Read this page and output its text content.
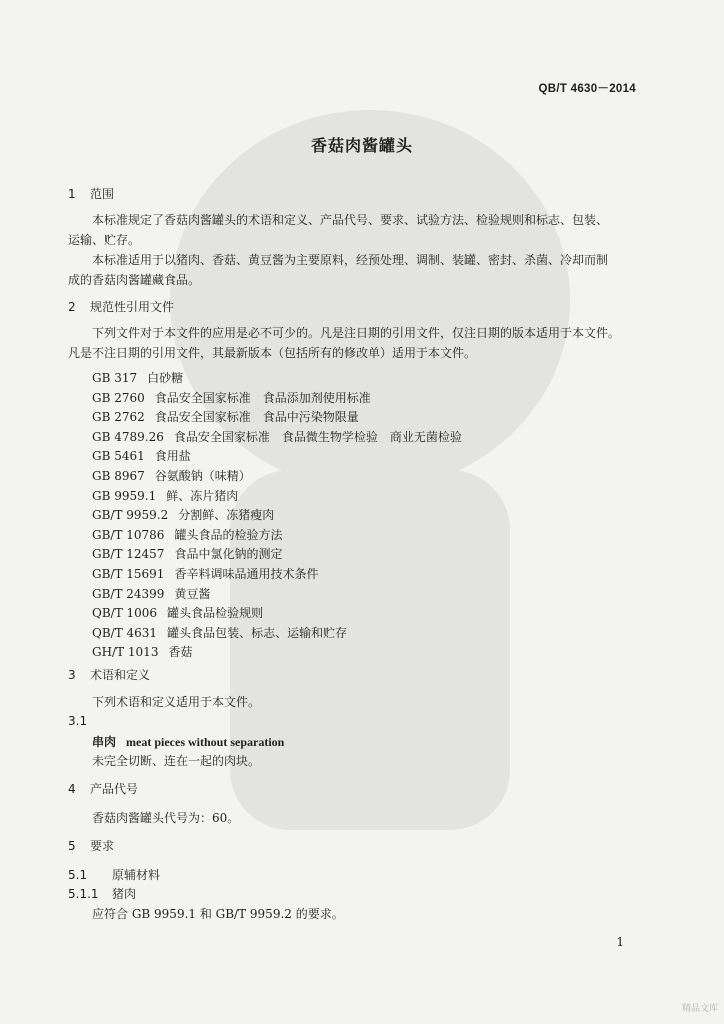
QB/T 4630－2014
香菇肉酱罐头
1 范围
本标准规定了香菇肉酱罐头的术语和定义、产品代号、要求、试验方法、检验规则和标志、包装、
运输、贮存。
本标准适用于以猪肉、香菇、黄豆酱为主要原料，经预处理、调制、装罐、密封、杀菌、冷却而制
成的香菇肉酱罐藏食品。
2 规范性引用文件
下列文件对于本文件的应用是必不可少的。凡是注日期的引用文件，仅注日期的版本适用于本文件。
凡是不注日期的引用文件，其最新版本（包括所有的修改单）适用于本文件。
GB 317 白砂糖
GB 2760 食品安全国家标准　食品添加剂使用标准
GB 2762 食品安全国家标准　食品中污染物限量
GB 4789.26 食品安全国家标准　食品微生物学检验　商业无菌检验
GB 5461 食用盐
GB 8967 谷氨酸钠（味精）
GB 9959.1 鲜、冻片猪肉
GB/T 9959.2 分割鲜、冻猪瘦肉
GB/T 10786 罐头食品的检验方法
GB/T 12457 食品中氯化钠的测定
GB/T 15691 香辛料调味品通用技术条件
GB/T 24399 黄豆酱
QB/T 1006 罐头食品检验规则
QB/T 4631 罐头食品包装、标志、运输和贮存
GH/T 1013 香菇
3 术语和定义
下列术语和定义适用于本文件。
3.1
串肉 meat pieces without separation
未完全切断、连在一起的肉块。
4 产品代号
香菇肉酱罐头代号为：60。
5 要求
5.1 原辅材料
5.1.1 猪肉
应符合 GB 9959.1 和 GB/T 9959.2 的要求。
1
精品文库
